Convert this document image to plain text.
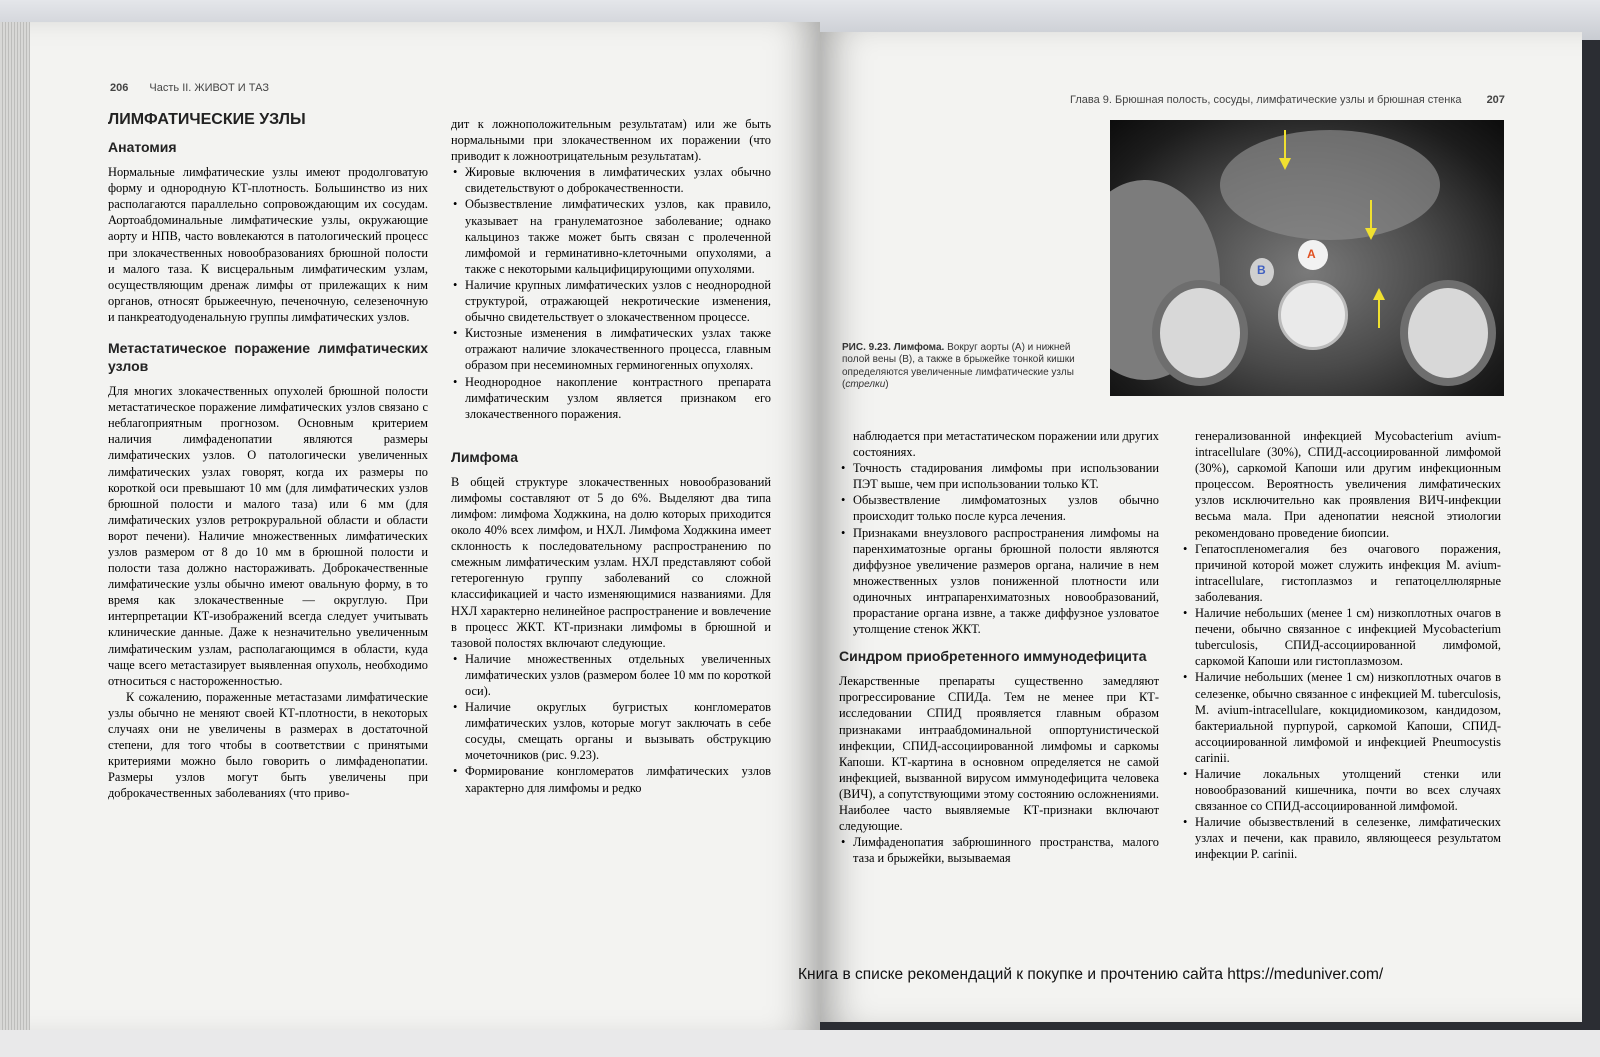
206 Часть II. ЖИВОТ И ТАЗ
ЛИМФАТИЧЕСКИЕ УЗЛЫ
Анатомия

Нормальные лимфатические узлы имеют продолговатую форму и однородную КТ-плотность. Большинство из них располагаются параллельно сопровождающим их сосудам. Аортоабдоминальные лимфатические узлы, окружающие аорту и НПВ, часто вовлекаются в патологический процесс при злокачественных новообразованиях брюшной полости и малого таза. К висцеральным лимфатическим узлам, осуществляющим дренаж лимфы от прилежащих к ним органов, относят брыжеечную, печеночную, селезеночную и панкреатодуоденальную группы лимфатических узлов.

Метастатическое поражение лимфатических узлов

Для многих злокачественных опухолей брюшной полости метастатическое поражение лимфатических узлов связано с неблагоприятным прогнозом. Основным критерием наличия лимфаденопатии являются размеры лимфатических узлов. О патологически увеличенных лимфатических узлах говорят, когда их размеры по короткой оси превышают 10 мм (для лимфатических узлов брюшной полости и малого таза) или 6 мм (для лимфатических узлов ретрокруральной области и области ворот печени). Наличие множественных лимфатических узлов размером от 8 до 10 мм в брюшной полости и полости таза должно настораживать. Доброкачественные лимфатические узлы обычно имеют овальную форму, в то время как злокачественные — округлую. При интерпретации КТ-изображений всегда следует учитывать клинические данные. Даже к незначительно увеличенным лимфатическим узлам, располагающимся в области, куда чаще всего метастазирует выявленная опухоль, необходимо относиться с настороженностью.

К сожалению, пораженные метастазами лимфатические узлы обычно не меняют своей КТ-плотности, в некоторых случаях они не увеличены в размерах в достаточной степени, для того чтобы в соответствии с принятыми критериями можно было говорить о лимфаденопатии. Размеры узлов могут быть увеличены при доброкачественных заболеваниях (что приво-

дит к ложноположительным результатам) или же быть нормальными при злокачественном их поражении (что приводит к ложноотрицательным результатам).

• Жировые включения в лимфатических узлах обычно свидетельствуют о доброкачественности.
• Обызвествление лимфатических узлов, как правило, указывает на гранулематозное заболевание; однако кальциноз также может быть связан с пролеченной лимфомой и герминативно-клеточными опухолями, а также с некоторыми кальцифицирующими опухолями.
• Наличие крупных лимфатических узлов с неоднородной структурой, отражающей некротические изменения, обычно свидетельствует о злокачественном процессе.
• Кистозные изменения в лимфатических узлах также отражают наличие злокачественного процесса, главным образом при несеминомных герминогенных опухолях.
• Неоднородное накопление контрастного препарата лимфатическим узлом является признаком его злокачественного поражения.
Лимфома

В общей структуре злокачественных новообразований лимфомы составляют от 5 до 6%. Выделяют два типа лимфом: лимфома Ходжкина, на долю которых приходится около 40% всех лимфом, и НХЛ. Лимфома Ходжкина имеет склонность к последовательному распространению по смежным лимфатическим узлам. НХЛ представляют собой гетерогенную группу заболеваний со сложной классификацией и часто изменяющимися названиями. Для НХЛ характерно нелинейное распространение и вовлечение в процесс ЖКТ. КТ-признаки лимфомы в брюшной и тазовой полостях включают следующие.

• Наличие множественных отдельных увеличенных лимфатических узлов (размером более 10 мм по короткой оси).
• Наличие округлых бугристых конгломератов лимфатических узлов, которые могут заключать в себе сосуды, смещать органы и вызывать обструкцию мочеточников (рис. 9.23).
• Формирование конгломератов лимфатических узлов характерно для лимфомы и редко
Глава 9. Брюшная полость, сосуды, лимфатические узлы и брюшная стенка 207
A
B
РИС. 9.23. Лимфома. Вокруг аорты (А) и нижней полой вены (В), а также в брыжейке тонкой кишки определяются увеличенные лимфатические узлы (стрелки)

наблюдается при метастатическом поражении или других состояниях.

• Точность стадирования лимфомы при использовании ПЭТ выше, чем при использовании только КТ.
• Обызвествление лимфоматозных узлов обычно происходит только после курса лечения.
• Признаками внеузлового распространения лимфомы на паренхиматозные органы брюшной полости являются диффузное увеличение размеров органа, наличие в нем множественных узлов пониженной плотности или одиночных интрапаренхиматозных новообразований, прорастание органа извне, а также диффузное узловатое утолщение стенок ЖКТ.
Синдром приобретенного иммунодефицита

Лекарственные препараты существенно замедляют прогрессирование СПИДа. Тем не менее при КТ-исследовании СПИД проявляется главным образом признаками интраабдоминальной оппортунистической инфекции, СПИД-ассоциированной лимфомы и саркомы Капоши. КТ-картина в основном определяется не самой инфекцией, вызванной вирусом иммунодефицита человека (ВИЧ), а сопутствующими этому состоянию осложнениями. Наиболее часто выявляемые КТ-признаки включают следующие.

• Лимфаденопатия забрюшинного пространства, малого таза и брыжейки, вызываемая

генерализованной инфекцией Mycobacterium avium-intracellulare (30%), СПИД-ассоциированной лимфомой (30%), саркомой Капоши или другим инфекционным процессом. Вероятность увеличения лимфатических узлов исключительно как проявления ВИЧ-инфекции весьма мала. При аденопатии неясной этиологии рекомендовано проведение биопсии.

• Гепатоспленомегалия без очагового поражения, причиной которой может служить инфекция M. avium-intracellulare, гистоплазмоз и гепатоцеллюлярные заболевания.
• Наличие небольших (менее 1 см) низкоплотных очагов в печени, обычно связанное с инфекцией Mycobacterium tuberculosis, СПИД-ассоциированной лимфомой, саркомой Капоши или гистоплазмозом.
• Наличие небольших (менее 1 см) низкоплотных очагов в селезенке, обычно связанное с инфекцией M. tuberculosis, M. avium-intracellulare, кокцидиомикозом, кандидозом, бактериальной пурпурой, саркомой Капоши, СПИД-ассоциированной лимфомой и инфекцией Pneumocystis carinii.
• Наличие локальных утолщений стенки или новообразований кишечника, почти во всех случаях связанное со СПИД-ассоциированной лимфомой.
• Наличие обызвествлений в селезенке, лимфатических узлах и печени, как правило, являющееся результатом инфекции P. carinii.
Книга в списке рекомендаций к покупке и прочтению сайта https://meduniver.com/
